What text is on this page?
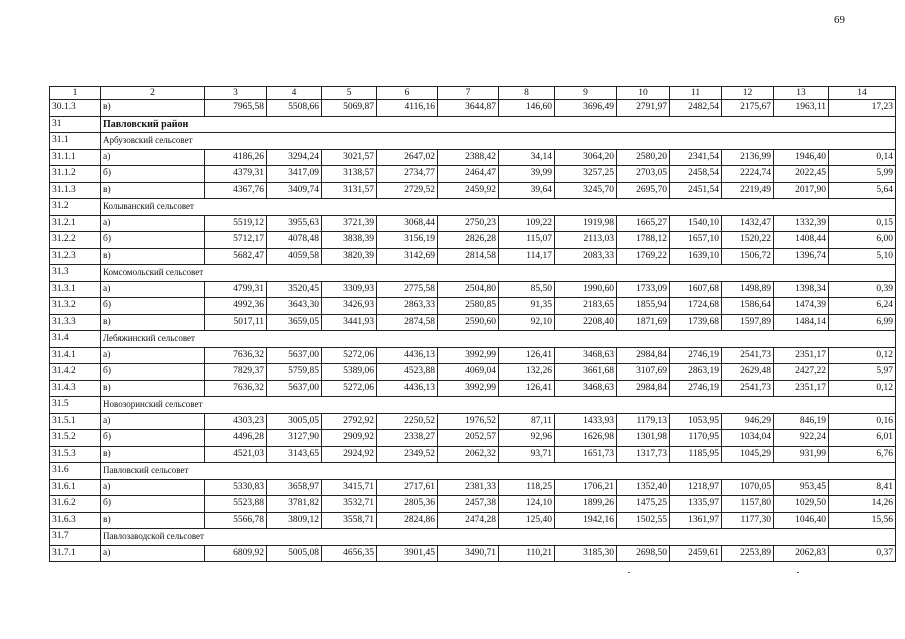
69
1	2	3	4	5	6	7	8	9	10	11	12	13	14
30.1.3	в)	7965,58	5508,66	5069,87	4116,16	3644,87	146,60	3696,49	2791,97	2482,54	2175,67	1963,11	17,23
31	Павловский район												
31.1	Арбузовский сельсовет												
31.1.1	а)	4186,26	3294,24	3021,57	2647,02	2388,42	34,14	3064,20	2580,20	2341,54	2136,99	1946,40	0,14
31.1.2	б)	4379,31	3417,09	3138,57	2734,77	2464,47	39,99	3257,25	2703,05	2458,54	2224,74	2022,45	5,99
31.1.3	в)	4367,76	3409,74	3131,57	2729,52	2459,92	39,64	3245,70	2695,70	2451,54	2219,49	2017,90	5,64
31.2	Колыванский сельсовет												
31.2.1	а)	5519,12	3955,63	3721,39	3068,44	2750,23	109,22	1919,98	1665,27	1540,10	1432,47	1332,39	0,15
31.2.2	б)	5712,17	4078,48	3838,39	3156,19	2826,28	115,07	2113,03	1788,12	1657,10	1520,22	1408,44	6,00
31.2.3	в)	5682,47	4059,58	3820,39	3142,69	2814,58	114,17	2083,33	1769,22	1639,10	1506,72	1396,74	5,10
31.3	Комсомольский сельсовет												
31.3.1	а)	4799,31	3520,45	3309,93	2775,58	2504,80	85,50	1990,60	1733,09	1607,68	1498,89	1398,34	0,39
31.3.2	б)	4992,36	3643,30	3426,93	2863,33	2580,85	91,35	2183,65	1855,94	1724,68	1586,64	1474,39	6,24
31.3.3	в)	5017,11	3659,05	3441,93	2874,58	2590,60	92,10	2208,40	1871,69	1739,68	1597,89	1484,14	6,99
31.4	Лебяжинский сельсовет												
31.4.1	а)	7636,32	5637,00	5272,06	4436,13	3992,99	126,41	3468,63	2984,84	2746,19	2541,73	2351,17	0,12
31.4.2	б)	7829,37	5759,85	5389,06	4523,88	4069,04	132,26	3661,68	3107,69	2863,19	2629,48	2427,22	5,97
31.4.3	в)	7636,32	5637,00	5272,06	4436,13	3992,99	126,41	3468,63	2984,84	2746,19	2541,73	2351,17	0,12
31.5	Новозоринский сельсовет												
31.5.1	а)	4303,23	3005,05	2792,92	2250,52	1976,52	87,11	1433,93	1179,13	1053,95	946,29	846,19	0,16
31.5.2	б)	4496,28	3127,90	2909,92	2338,27	2052,57	92,96	1626,98	1301,98	1170,95	1034,04	922,24	6,01
31.5.3	в)	4521,03	3143,65	2924,92	2349,52	2062,32	93,71	1651,73	1317,73	1185,95	1045,29	931,99	6,76
31.6	Павловский сельсовет												
31.6.1	а)	5330,83	3658,97	3415,71	2717,61	2381,33	118,25	1706,21	1352,40	1218,97	1070,05	953,45	8,41
31.6.2	б)	5523,88	3781,82	3532,71	2805,36	2457,38	124,10	1899,26	1475,25	1335,97	1157,80	1029,50	14,26
31.6.3	в)	5566,78	3809,12	3558,71	2824,86	2474,28	125,40	1942,16	1502,55	1361,97	1177,30	1046,40	15,56
31.7	Павлозаводской сельсовет												
31.7.1	а)	6809,92	5005,08	4656,35	3901,45	3490,71	110,21	3185,30	2698,50	2459,61	2253,89	2062,83	0,37
